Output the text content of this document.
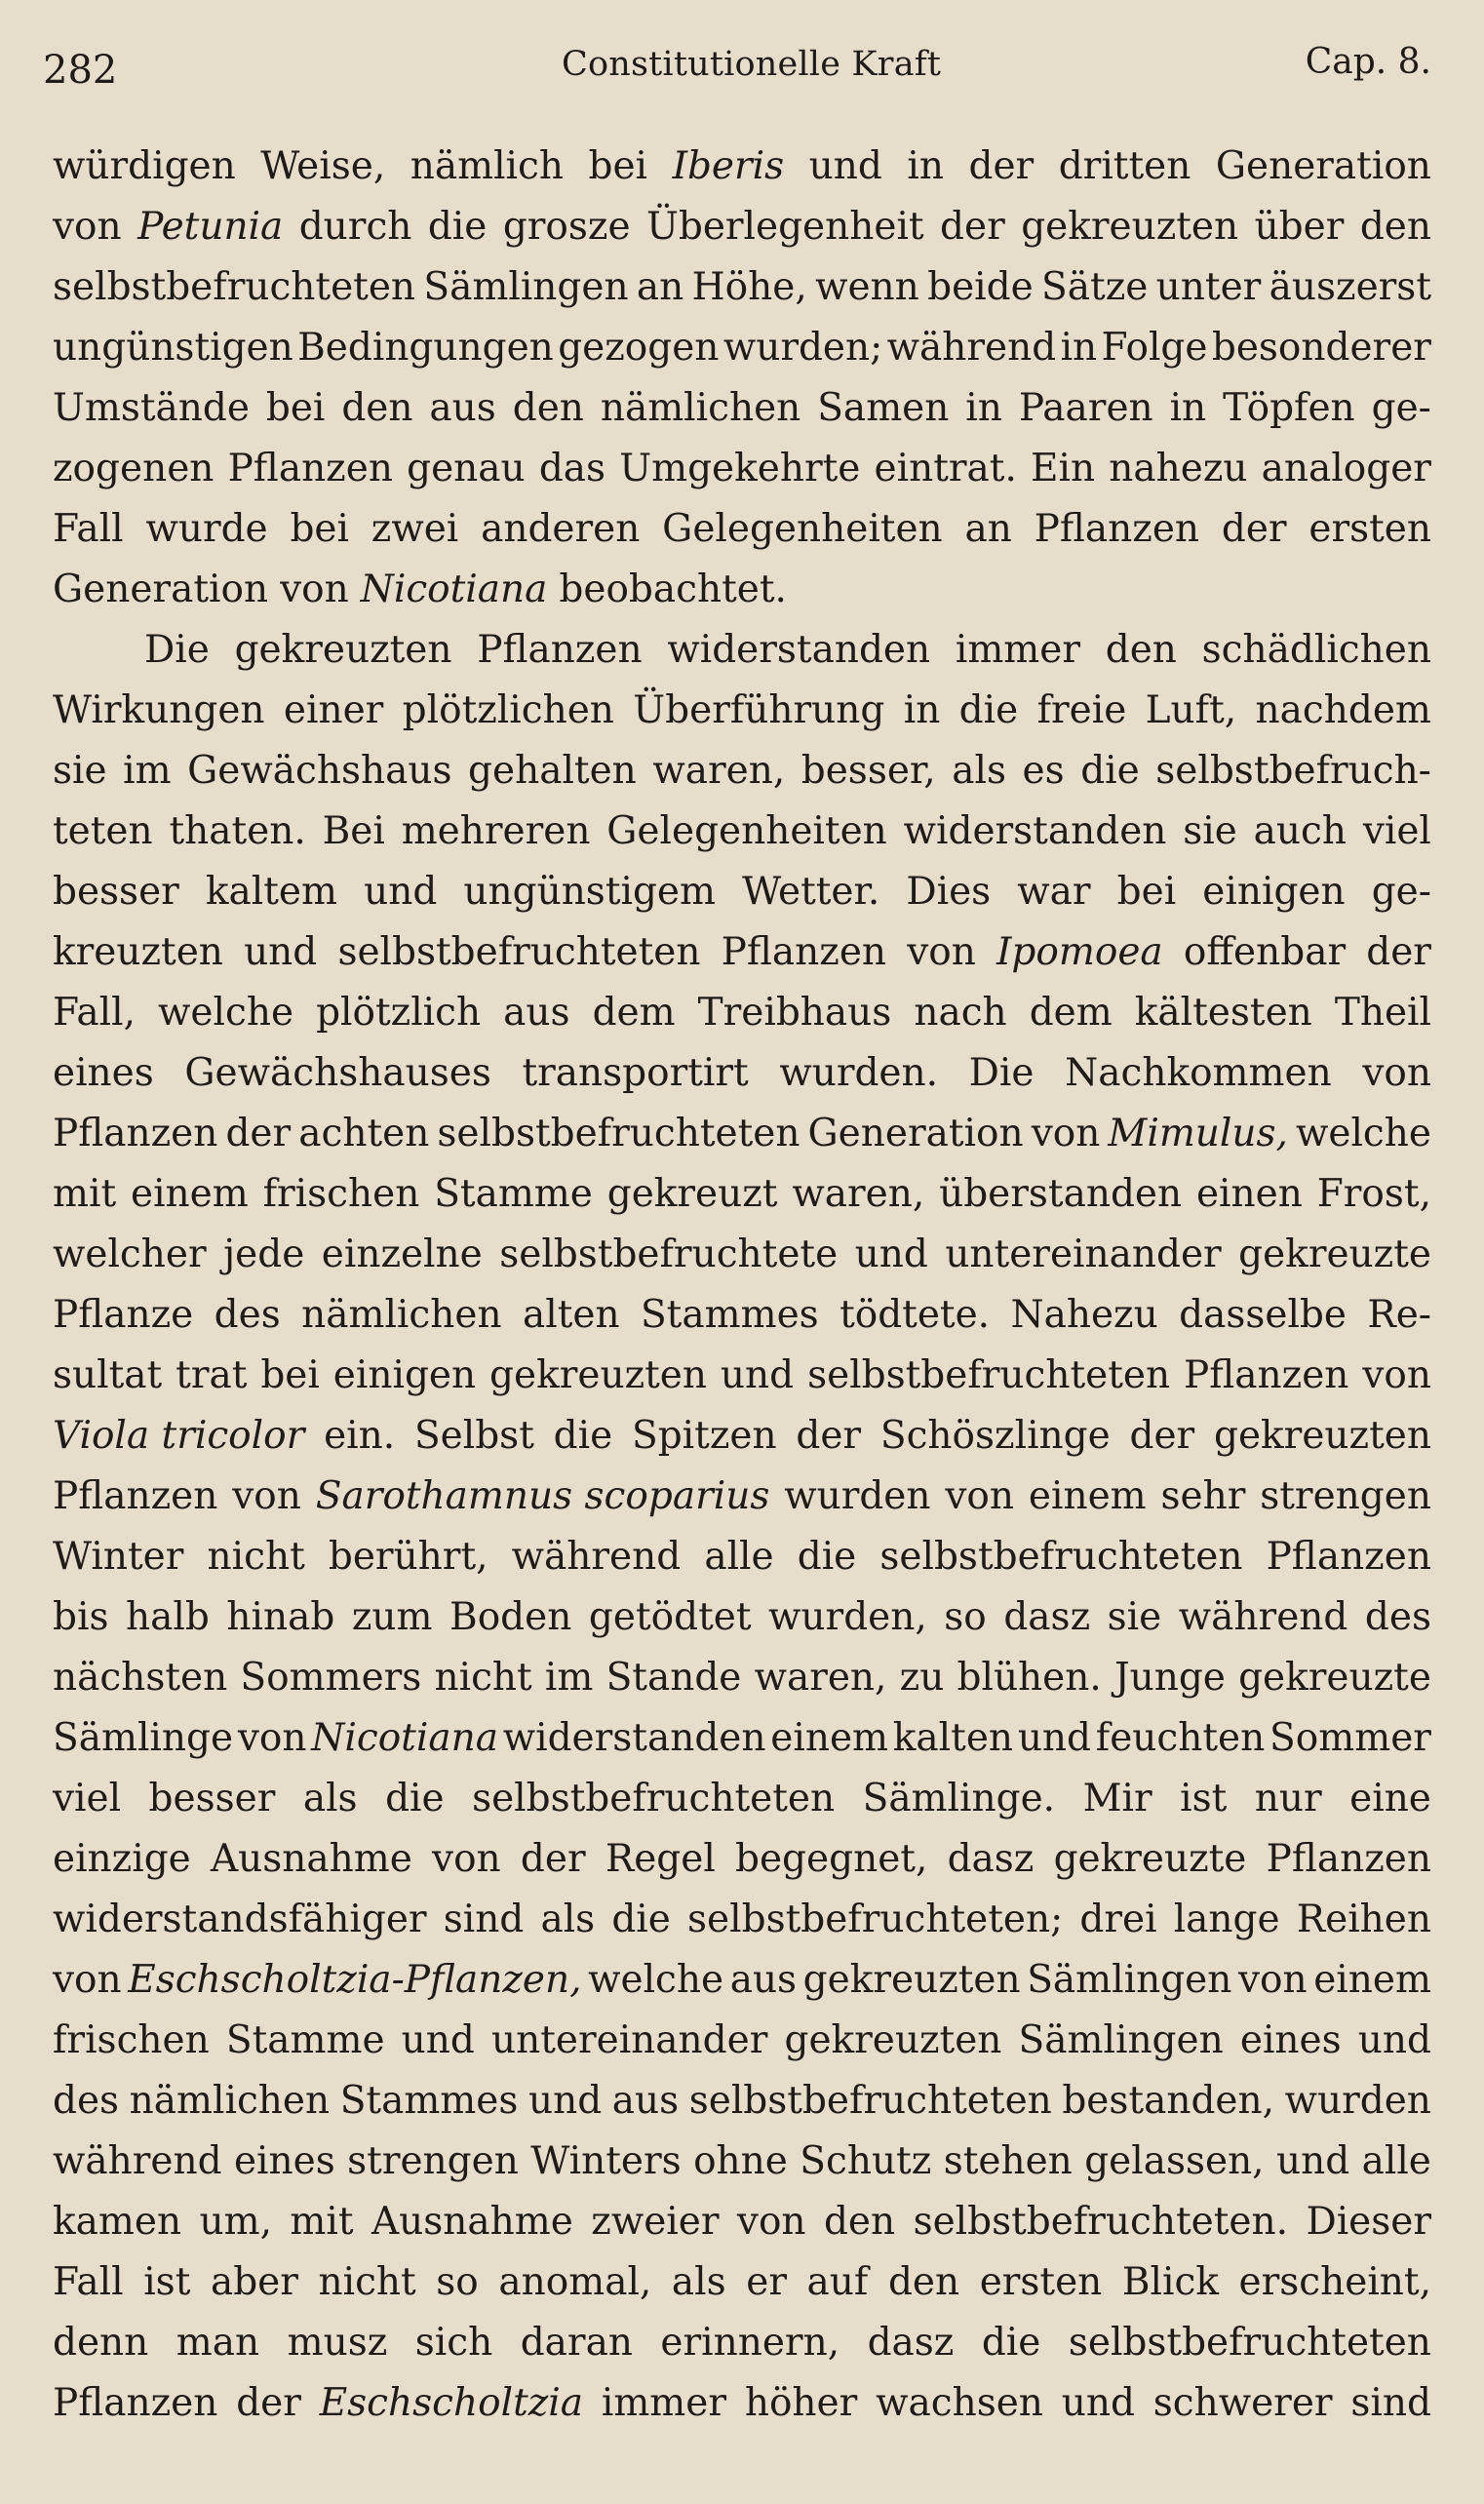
282	Constitutionelle Kraft	Cap. 8.
würdigen Weise, nämlich bei Iberis und in der dritten Generation
von Petunia durch die grosze Überlegenheit der gekreuzten über den
selbstbefruchteten Sämlingen an Höhe, wenn beide Sätze unter äuszerst
ungünstigen Bedingungen gezogen wurden; während in Folge besonderer
Umstände bei den aus den nämlichen Samen in Paaren in Töpfen ge-
zogenen Pflanzen genau das Umgekehrte eintrat. Ein nahezu analoger
Fall wurde bei zwei anderen Gelegenheiten an Pflanzen der ersten
Generation von Nicotiana beobachtet.
Die gekreuzten Pflanzen widerstanden immer den schädlichen
Wirkungen einer plötzlichen Überführung in die freie Luft, nachdem
sie im Gewächshaus gehalten waren, besser, als es die selbstbefruch-
teten thaten. Bei mehreren Gelegenheiten widerstanden sie auch viel
besser kaltem und ungünstigem Wetter. Dies war bei einigen ge-
kreuzten und selbstbefruchteten Pflanzen von Ipomoea offenbar der
Fall, welche plötzlich aus dem Treibhaus nach dem kältesten Theil
eines Gewächshauses transportirt wurden. Die Nachkommen von
Pflanzen der achten selbstbefruchteten Generation von Mimulus, welche
mit einem frischen Stamme gekreuzt waren, überstanden einen Frost,
welcher jede einzelne selbstbefruchtete und untereinander gekreuzte
Pflanze des nämlichen alten Stammes tödtete. Nahezu dasselbe Re-
sultat trat bei einigen gekreuzten und selbstbefruchteten Pflanzen von
Viola tricolor ein. Selbst die Spitzen der Schöszlinge der gekreuzten
Pflanzen von Sarothamnus scoparius wurden von einem sehr strengen
Winter nicht berührt, während alle die selbstbefruchteten Pflanzen
bis halb hinab zum Boden getödtet wurden, so dasz sie während des
nächsten Sommers nicht im Stande waren, zu blühen. Junge gekreuzte
Sämlinge von Nicotiana widerstanden einem kalten und feuchten Sommer
viel besser als die selbstbefruchteten Sämlinge. Mir ist nur eine
einzige Ausnahme von der Regel begegnet, dasz gekreuzte Pflanzen
widerstandsfähiger sind als die selbstbefruchteten; drei lange Reihen
von Eschscholtzia-Pflanzen, welche aus gekreuzten Sämlingen von einem
frischen Stamme und untereinander gekreuzten Sämlingen eines und
des nämlichen Stammes und aus selbstbefruchteten bestanden, wurden
während eines strengen Winters ohne Schutz stehen gelassen, und alle
kamen um, mit Ausnahme zweier von den selbstbefruchteten. Dieser
Fall ist aber nicht so anomal, als er auf den ersten Blick erscheint,
denn man musz sich daran erinnern, dasz die selbstbefruchteten
Pflanzen der Eschscholtzia immer höher wachsen und schwerer sind
